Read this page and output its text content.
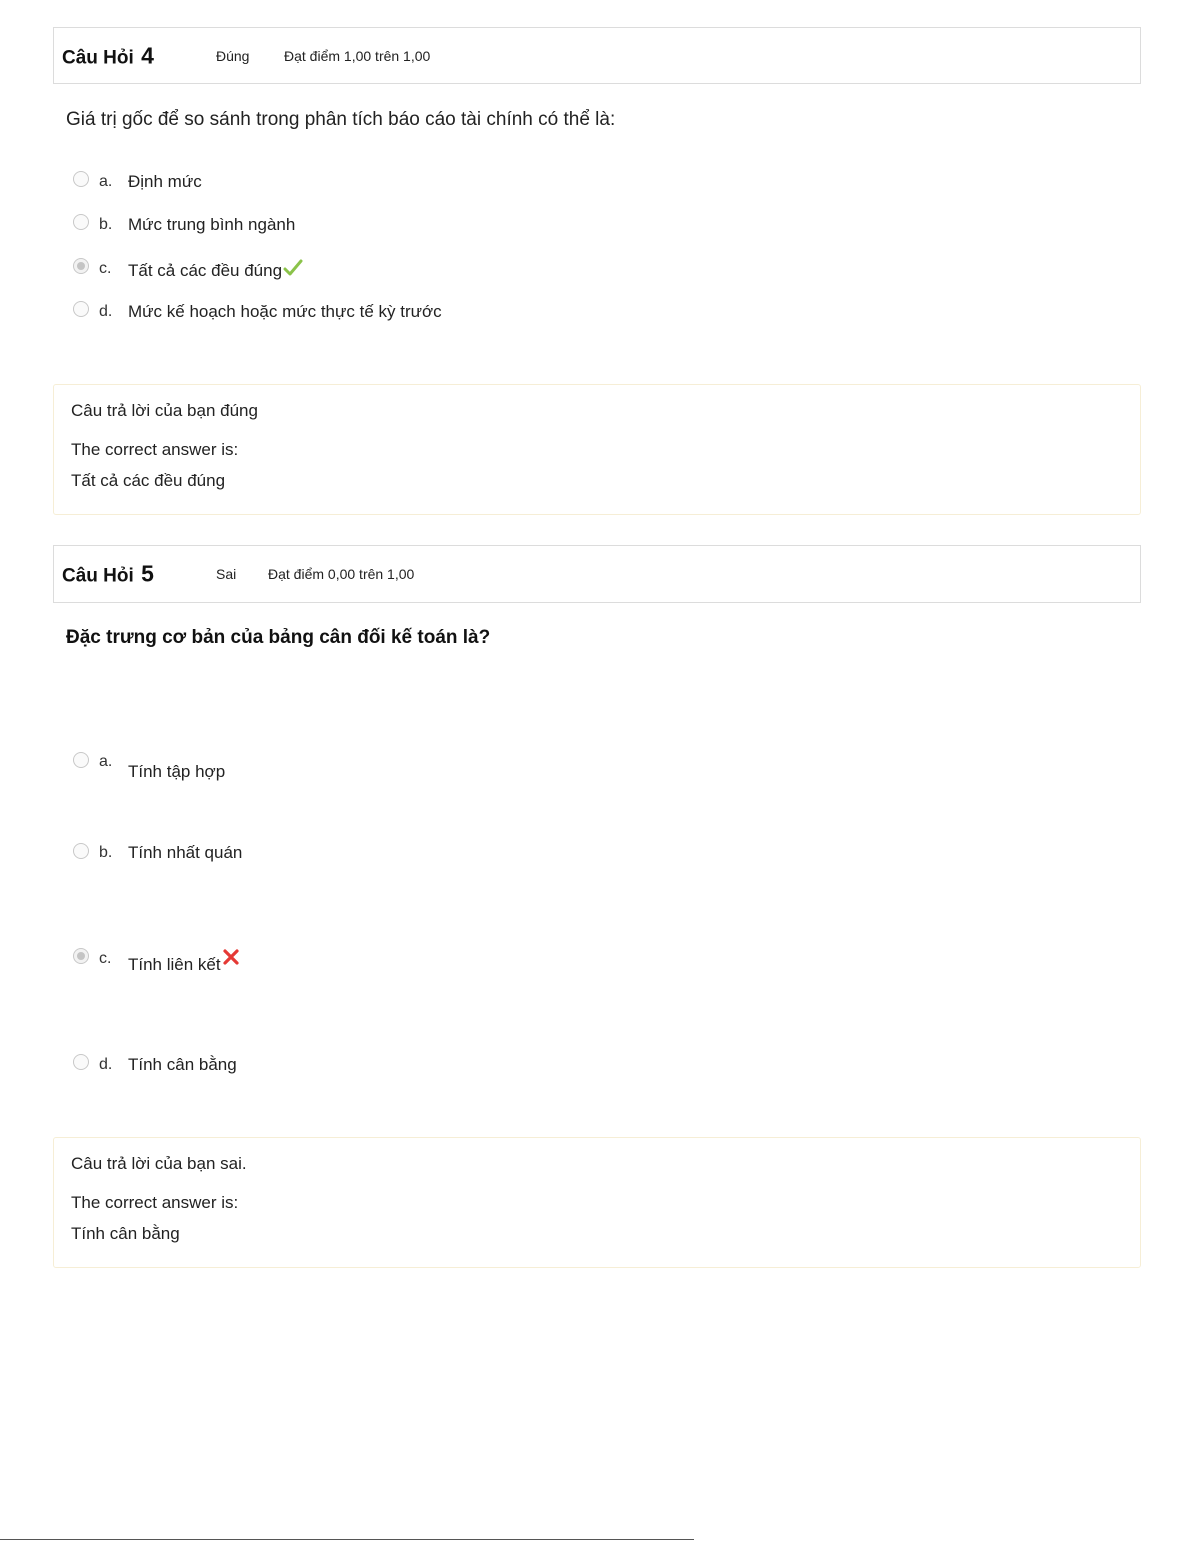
Câu Hỏi 4	Đúng Đạt điểm 1,00 trên 1,00
Giá trị gốc để so sánh trong phân tích báo cáo tài chính có thể là:
a. Định mức
b. Mức trung bình ngành
c. Tất cả các đều đúng
d. Mức kế hoạch hoặc mức thực tế kỳ trước
Câu trả lời của bạn đúng
The correct answer is:
Tất cả các đều đúng
Câu Hỏi 5	Sai Đạt điểm 0,00 trên 1,00
Đặc trưng cơ bản của bảng cân đối kế toán là?
a.
Tính tập hợp
b. Tính nhất quán
c. Tính liên kết
d. Tính cân bằng
Câu trả lời của bạn sai.
The correct answer is:
Tính cân bằng
